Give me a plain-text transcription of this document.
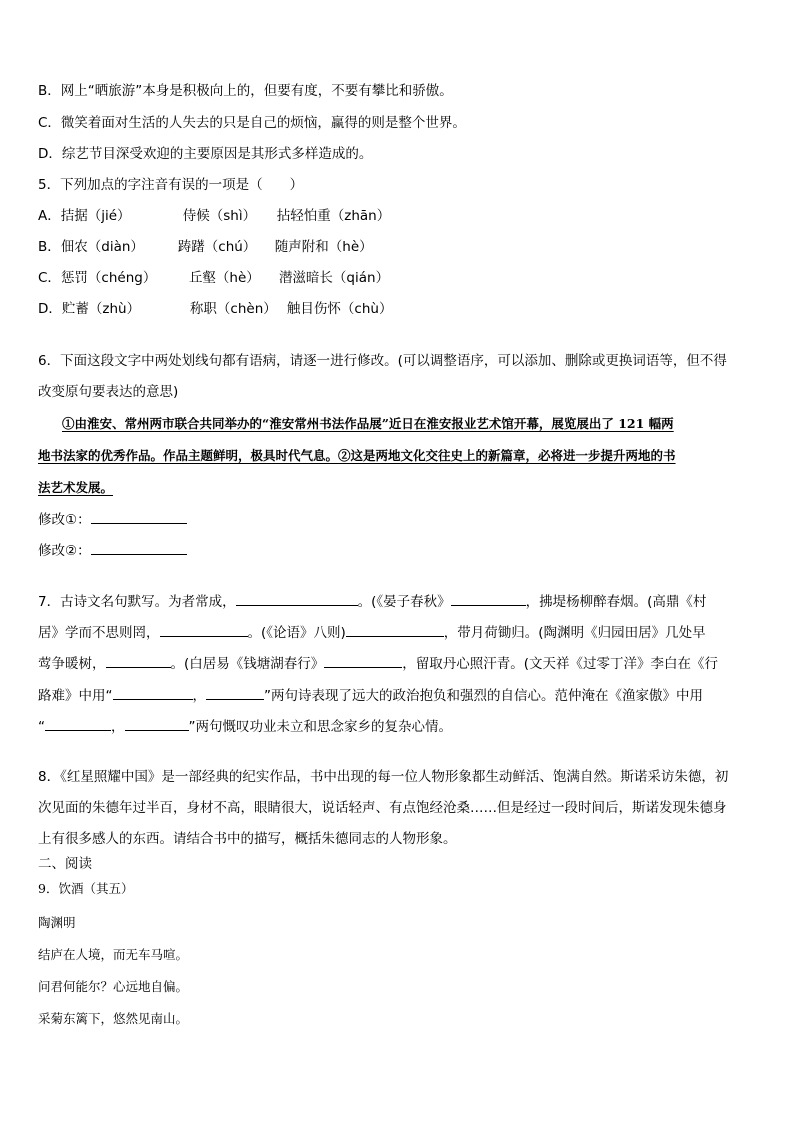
B．网上“晒旅游”本身是积极向上的，但要有度，不要有攀比和骄傲。
C．微笑着面对生活的人失去的只是自己的烦恼，赢得的则是整个世界。
D．综艺节目深受欢迎的主要原因是其形式多样造成的。
5．下列加点的字注音有误的一项是（　　）
A．拮据（jié）	侍候（shì） 拈轻怕重（zhān）
B．佃农（diàn）	踌躇（chú） 随声附和（hè）
C．惩罚（chéng） 丘壑（hè） 潜滋暗长（qián）
D．贮蓄（zhù）	称职（chèn） 触目伤怀（chù）
6．下面这段文字中两处划线句都有语病，请逐一进行修改。(可以调整语序，可以添加、删除或更换词语等，但不得
改变原句要表达的意思)
①由淮安、常州两市联合共同举办的“淮安常州书法作品展”近日在淮安报业艺术馆开幕，展览展出了 121 幅两
地书法家的优秀作品。作品主题鲜明，极具时代气息。②这是两地文化交往史上的新篇章，必将进一步提升两地的书
法艺术发展。
修改①：
修改②：
7．古诗文名句默写。为者常成，	。(《晏子春秋》	，拂堤杨柳醉春烟。(高鼎《村
居》学而不思则罔，	。(《论语》八则)	，带月荷锄归。(陶渊明《归园田居》几处早
莺争暖树，	。(白居易《钱塘湖春行》	，留取丹心照汗青。(文天祥《过零丁洋》李白在《行
路难》中用“	，	”两句诗表现了远大的政治抱负和强烈的自信心。范仲淹在《渔家傲》中用
“	，	”两句慨叹功业未立和思念家乡的复杂心情。
8．《红星照耀中国》是一部经典的纪实作品，书中出现的每一位人物形象都生动鲜活、饱满自然。斯诺采访朱德，初
次见面的朱德年过半百，身材不高，眼睛很大，说话轻声、有点饱经沧桑……但是经过一段时间后，斯诺发现朱德身
上有很多感人的东西。请结合书中的描写，概括朱德同志的人物形象。
二、阅读
9．饮酒（其五）
陶渊明
结庐在人境，而无车马喧。
问君何能尔？心远地自偏。
采菊东篱下，悠然见南山。
